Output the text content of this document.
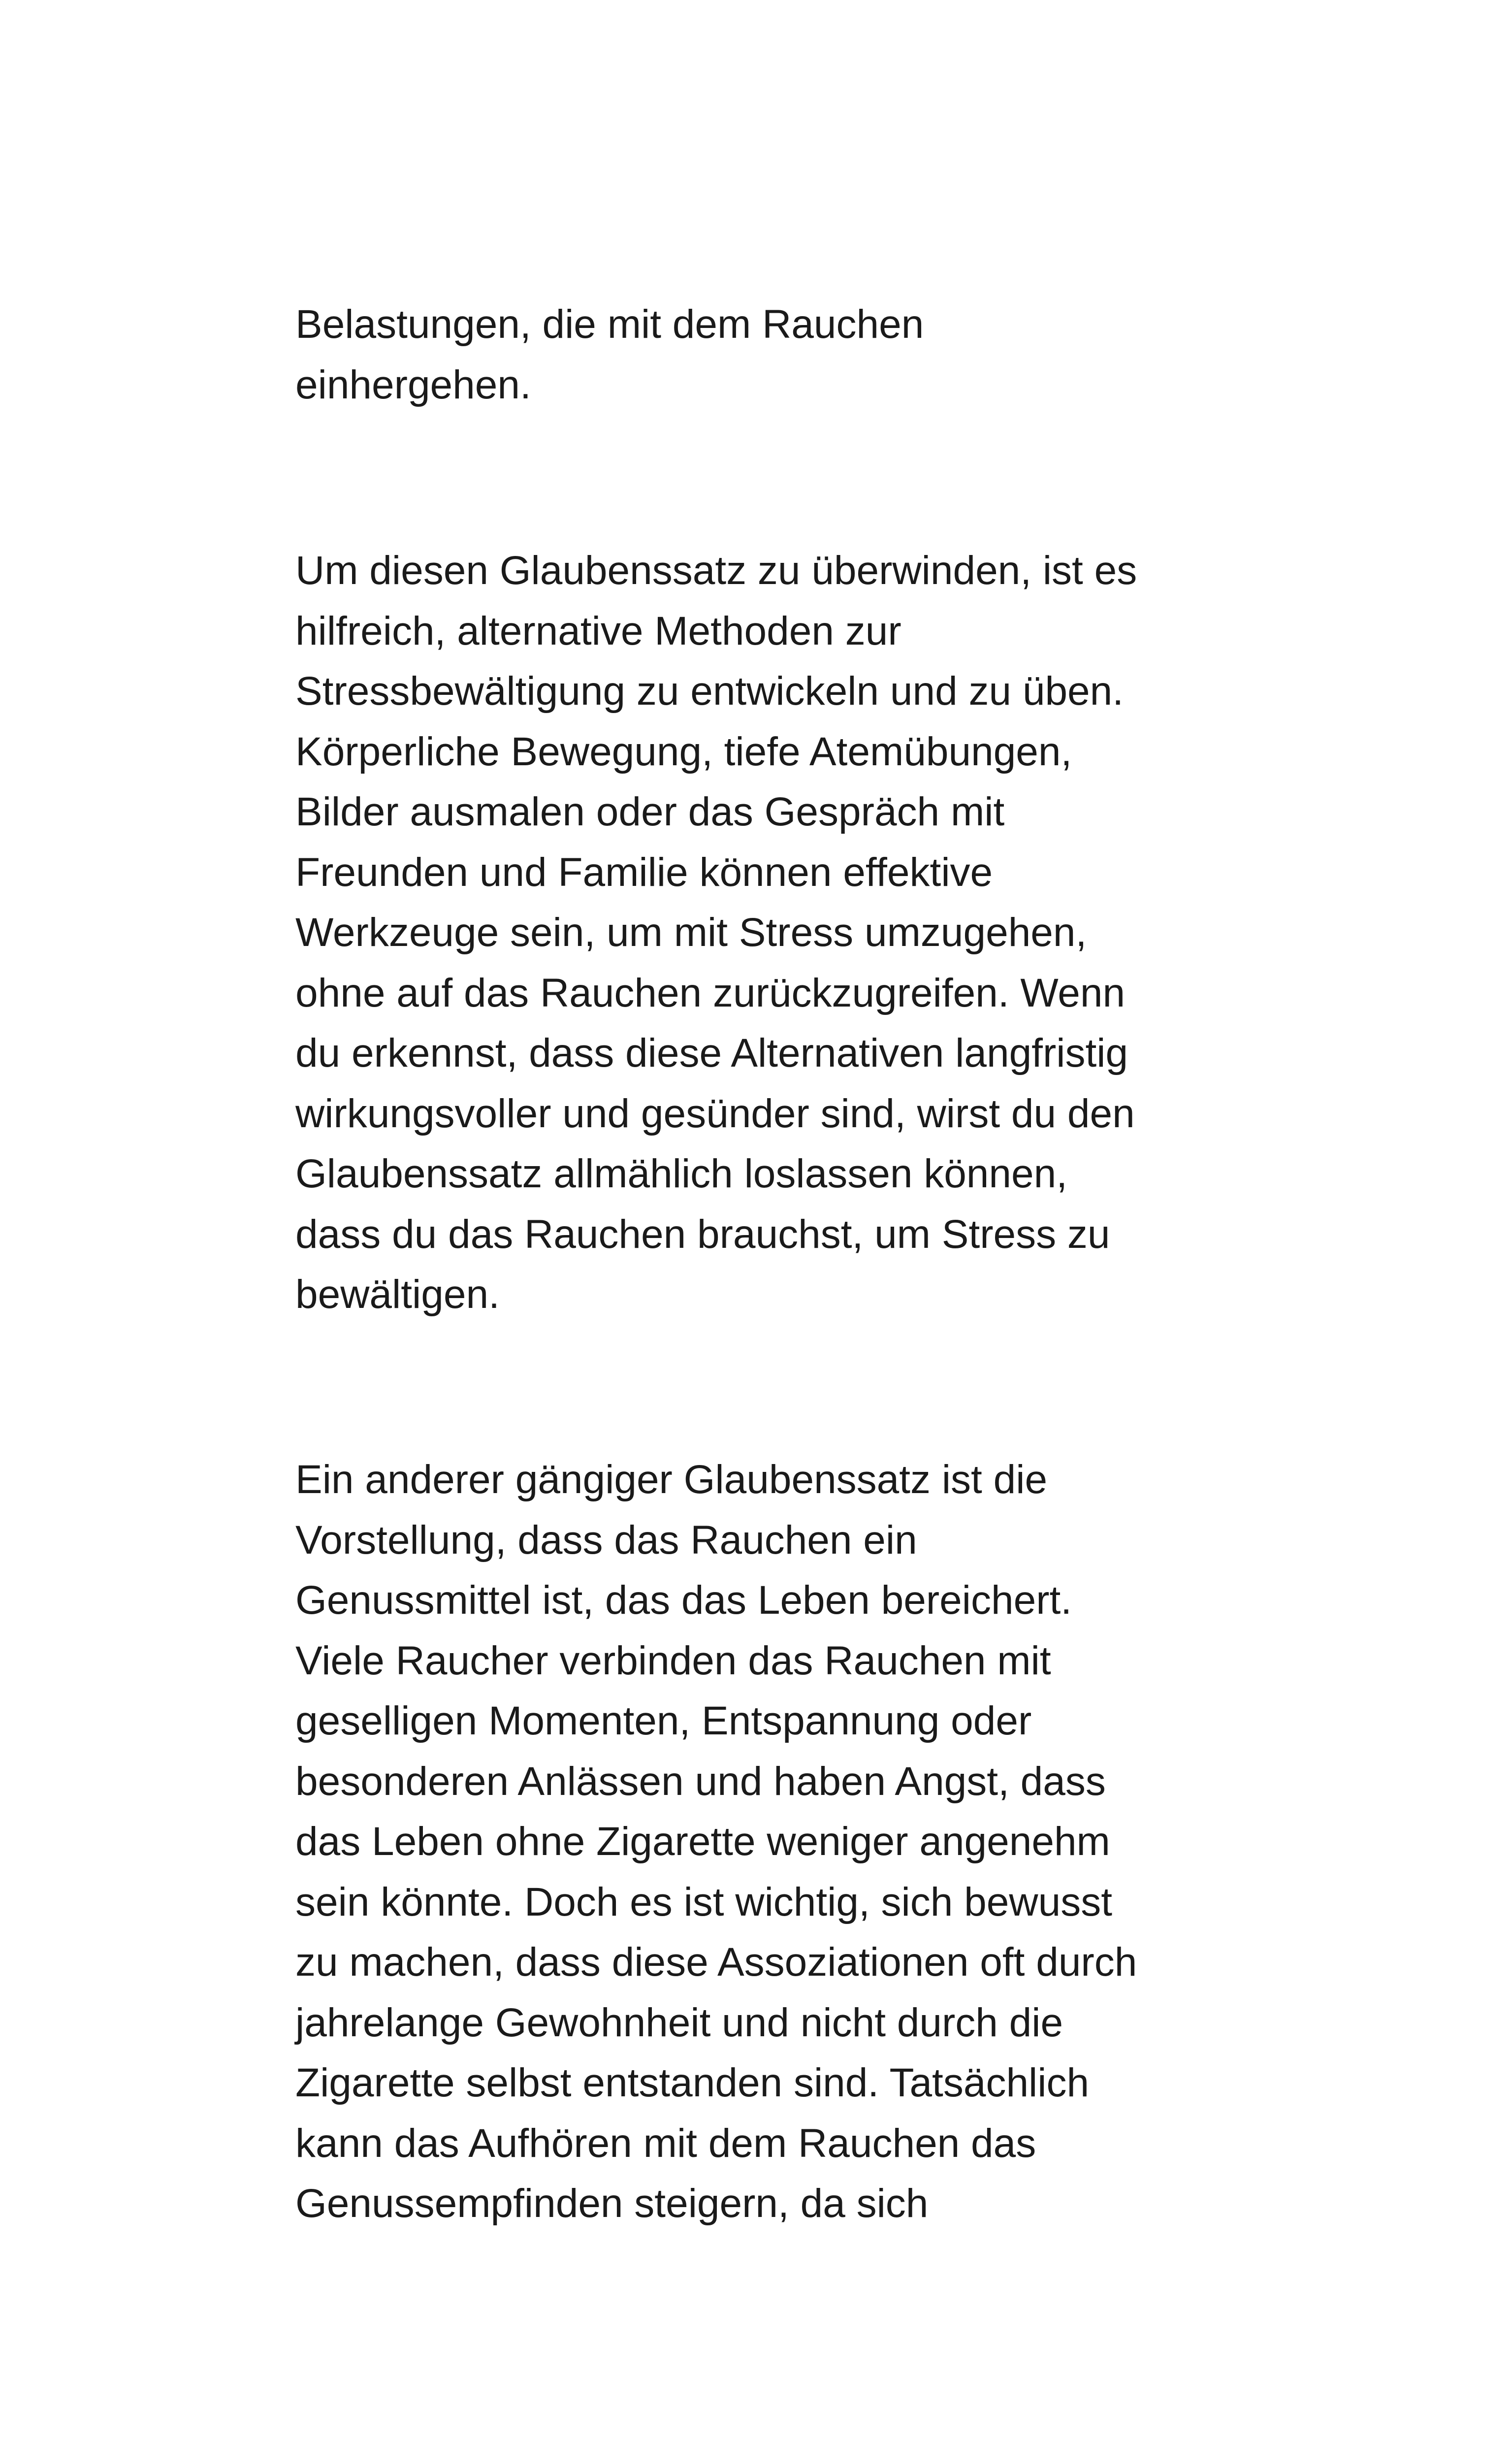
Belastungen, die mit dem Rauchen
einhergehen.

Um diesen Glaubenssatz zu überwinden, ist es
hilfreich, alternative Methoden zur
Stressbewältigung zu entwickeln und zu üben.
Körperliche Bewegung, tiefe Atemübungen,
Bilder ausmalen oder das Gespräch mit
Freunden und Familie können effektive
Werkzeuge sein, um mit Stress umzugehen,
ohne auf das Rauchen zurückzugreifen. Wenn
du erkennst, dass diese Alternativen langfristig
wirkungsvoller und gesünder sind, wirst du den
Glaubenssatz allmählich loslassen können,
dass du das Rauchen brauchst, um Stress zu
bewältigen.

Ein anderer gängiger Glaubenssatz ist die
Vorstellung, dass das Rauchen ein
Genussmittel ist, das das Leben bereichert.
Viele Raucher verbinden das Rauchen mit
geselligen Momenten, Entspannung oder
besonderen Anlässen und haben Angst, dass
das Leben ohne Zigarette weniger angenehm
sein könnte. Doch es ist wichtig, sich bewusst
zu machen, dass diese Assoziationen oft durch
jahrelange Gewohnheit und nicht durch die
Zigarette selbst entstanden sind. Tatsächlich
kann das Aufhören mit dem Rauchen das
Genussempfinden steigern, da sich
